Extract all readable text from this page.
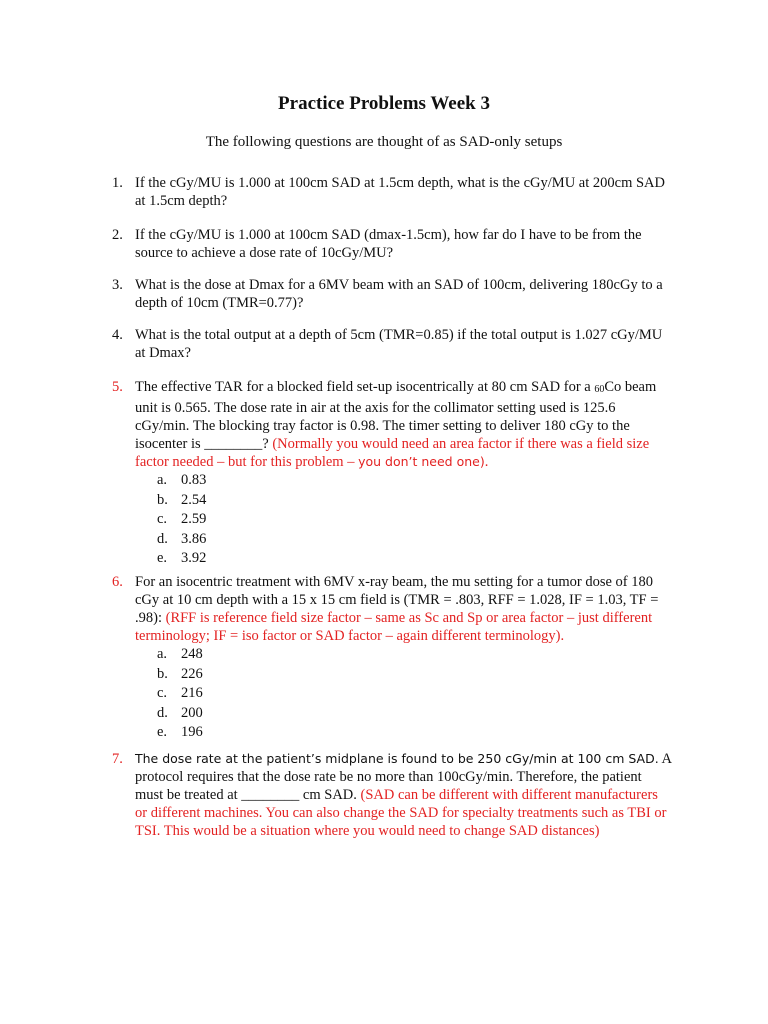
Practice Problems Week 3
The following questions are thought of as SAD-only setups
1. If the cGy/MU is 1.000 at 100cm SAD at 1.5cm depth, what is the cGy/MU at 200cm SAD at 1.5cm depth?
2. If the cGy/MU is 1.000 at 100cm SAD (dmax-1.5cm), how far do I have to be from the source to achieve a dose rate of 10cGy/MU?
3. What is the dose at Dmax for a 6MV beam with an SAD of 100cm, delivering 180cGy to a depth of 10cm (TMR=0.77)?
4. What is the total output at a depth of 5cm (TMR=0.85) if the total output is 1.027 cGy/MU at Dmax?
5. The effective TAR for a blocked field set-up isocentrically at 80 cm SAD for a 60Co beam unit is 0.565. The dose rate in air at the axis for the collimator setting used is 125.6 cGy/min. The blocking tray factor is 0.98. The timer setting to deliver 180 cGy to the isocenter is ________? (Normally you would need an area factor if there was a field size factor needed – but for this problem – you don’t need one).
a. 0.83
b. 2.54
c. 2.59
d. 3.86
e. 3.92
6. For an isocentric treatment with 6MV x-ray beam, the mu setting for a tumor dose of 180 cGy at 10 cm depth with a 15 x 15 cm field is (TMR = .803, RFF = 1.028, IF = 1.03, TF = .98): (RFF is reference field size factor – same as Sc and Sp or area factor – just different terminology; IF = iso factor or SAD factor – again different terminology).
a. 248
b. 226
c. 216
d. 200
e. 196
7. The dose rate at the patient’s midplane is found to be 250 cGy/min at 100 cm SAD. A protocol requires that the dose rate be no more than 100cGy/min. Therefore, the patient must be treated at ________ cm SAD. (SAD can be different with different manufacturers or different machines. You can also change the SAD for specialty treatments such as TBI or TSI. This would be a situation where you would need to change SAD distances)
